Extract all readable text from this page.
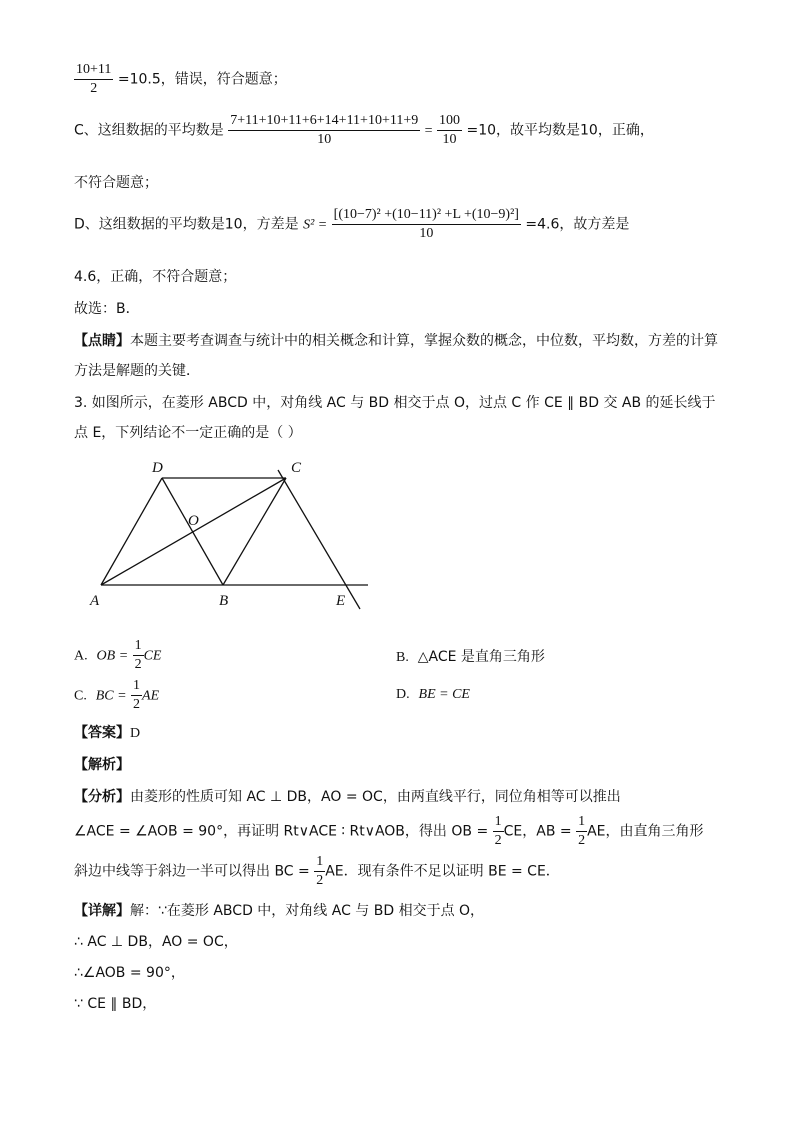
$\frac{10+11}{2} =10.5$，错误，符合题意；
C、这组数据的平均数是 $\frac{7+11+10+11+6+14+11+10+11+9}{10} = \frac{100}{10} =10$，故平均数是10，正确，
不符合题意；
D、这组数据的平均数是10，方差是 $S^2 = \frac{\text{[(10−7)² +(10−11)² +L +(10−9)²]}}{10} =4.6$，故方差是
4.6，正确，不符合题意；
故选：B．
【点睛】本题主要考查调查与统计中的相关概念和计算，掌握众数的概念，中位数，平均数，方差的计算
方法是解题的关键．
3. 如图所示，在菱形 ABCD 中，对角线 AC 与 BD 相交于点 O，过点 C 作 CE ∥ BD 交 AB 的延长线于
点 E，下列结论不一定正确的是（ ）
D	C
O
A	B	E
A. OB = $\frac{1}{2}$ CE	B. △ACE 是直角三角形
C. BC = $\frac{1}{2}$ AE	D. BE = CE
【答案】D
【解析】
【分析】由菱形的性质可知 AC ⊥ DB，AO = OC，由两直线平行，同位角相等可以推出
∠ACE = ∠AOB = 90°，再证明 Rt∨ACE ∶ Rt∨AOB，得出 OB = $\frac{1}{2}$ CE，AB = $\frac{1}{2}$ AE，由直角三角形
斜边中线等于斜边一半可以得出 BC = $\frac{1}{2}$ AE．现有条件不足以证明 BE = CE．
【详解】解：∵在菱形 ABCD 中，对角线 AC 与 BD 相交于点 O，
∴ AC ⊥ DB，AO = OC，
∴∠AOB = 90°，
∵ CE ∥ BD，
